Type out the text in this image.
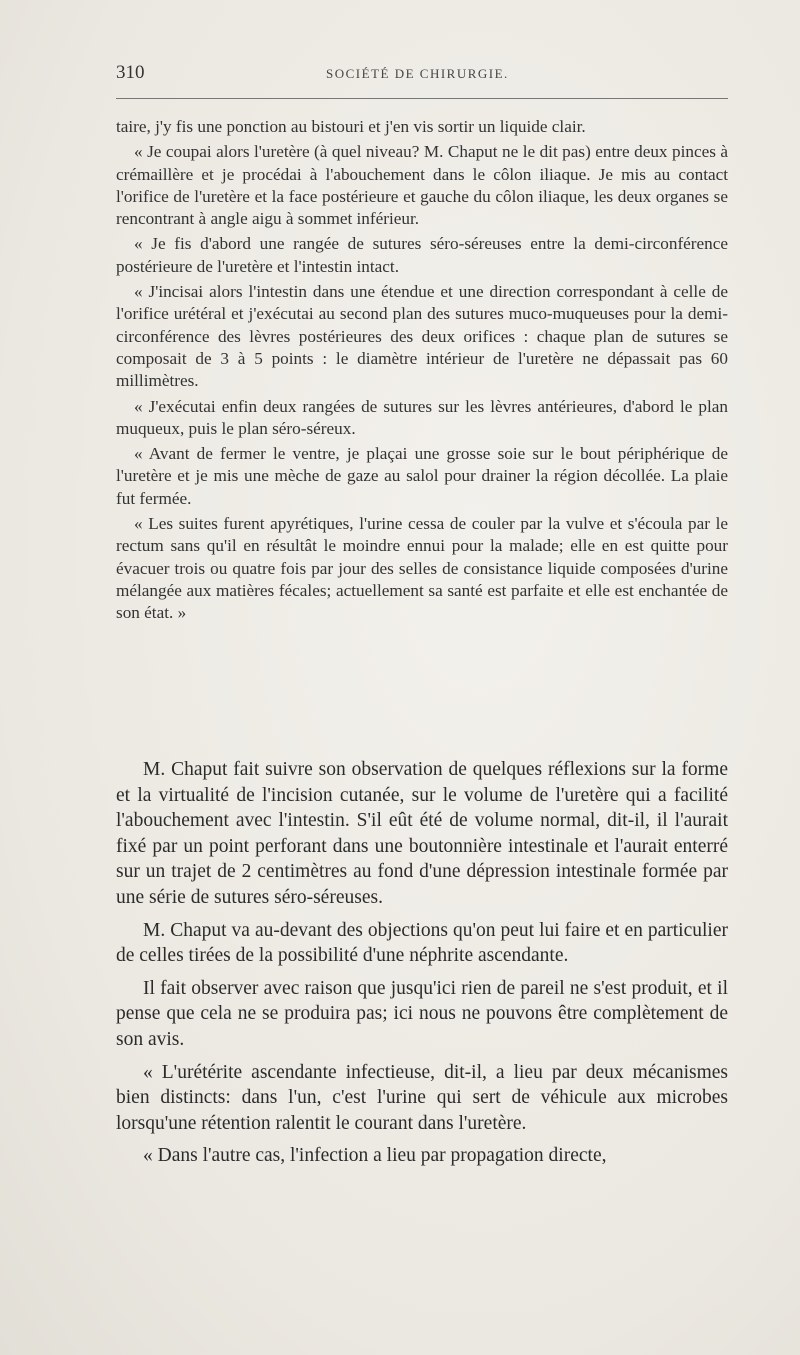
310	SOCIÉTÉ DE CHIRURGIE.

taire, j'y fis une ponction au bistouri et j'en vis sortir un liquide clair.

« Je coupai alors l'uretère (à quel niveau? M. Chaput ne le dit pas) entre deux pinces à crémaillère et je procédai à l'abouchement dans le côlon iliaque. Je mis au contact l'orifice de l'uretère et la face postérieure et gauche du côlon iliaque, les deux organes se rencontrant à angle aigu à sommet inférieur.

« Je fis d'abord une rangée de sutures séro-séreuses entre la demi-circonférence postérieure de l'uretère et l'intestin intact.

« J'incisai alors l'intestin dans une étendue et une direction correspondant à celle de l'orifice urétéral et j'exécutai au second plan des sutures muco-muqueuses pour la demi-circonférence des lèvres postérieures des deux orifices : chaque plan de sutures se composait de 3 à 5 points : le diamètre intérieur de l'uretère ne dépassait pas 60 millimètres.

« J'exécutai enfin deux rangées de sutures sur les lèvres antérieures, d'abord le plan muqueux, puis le plan séro-séreux.

« Avant de fermer le ventre, je plaçai une grosse soie sur le bout périphérique de l'uretère et je mis une mèche de gaze au salol pour drainer la région décollée. La plaie fut fermée.

« Les suites furent apyrétiques, l'urine cessa de couler par la vulve et s'écoula par le rectum sans qu'il en résultât le moindre ennui pour la malade; elle en est quitte pour évacuer trois ou quatre fois par jour des selles de consistance liquide composées d'urine mélangée aux matières fécales; actuellement sa santé est parfaite et elle est enchantée de son état. »

M. Chaput fait suivre son observation de quelques réflexions sur la forme et la virtualité de l'incision cutanée, sur le volume de l'uretère qui a facilité l'abouchement avec l'intestin. S'il eût été de volume normal, dit-il, il l'aurait fixé par un point perforant dans une boutonnière intestinale et l'aurait enterré sur un trajet de 2 centimètres au fond d'une dépression intestinale formée par une série de sutures séro-séreuses.

M. Chaput va au-devant des objections qu'on peut lui faire et en particulier de celles tirées de la possibilité d'une néphrite ascendante.

Il fait observer avec raison que jusqu'ici rien de pareil ne s'est produit, et il pense que cela ne se produira pas; ici nous ne pouvons être complètement de son avis.

« L'urétérite ascendante infectieuse, dit-il, a lieu par deux mécanismes bien distincts: dans l'un, c'est l'urine qui sert de véhicule aux microbes lorsqu'une rétention ralentit le courant dans l'uretère.

« Dans l'autre cas, l'infection a lieu par propagation directe,
